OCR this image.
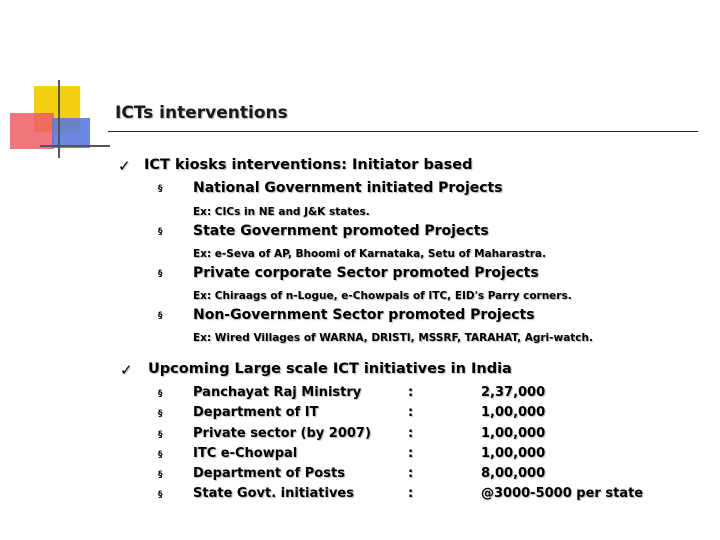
ICTs interventions
✓ ICT kiosks interventions: Initiator based
§ National Government initiated Projects
Ex: CICs in NE and J&K states.
§ State Government promoted Projects
Ex: e-Seva of AP, Bhoomi of Karnataka, Setu of Maharastra.
§ Private corporate Sector promoted Projects
Ex: Chiraags of n-Logue, e-Chowpals of ITC, EID's Parry corners.
§ Non-Government Sector promoted Projects
Ex: Wired Villages of WARNA, DRISTI, MSSRF, TARAHAT, Agri-watch.
✓ Upcoming Large scale ICT initiatives in India
§ Panchayat Raj Ministry	:	2,37,000
§ Department of IT	:	1,00,000
§ Private sector (by 2007)	:	1,00,000
§ ITC e-Chowpal	:	1,00,000
§ Department of Posts	:	8,00,000
§ State Govt. initiatives	:	@3000-5000 per state
